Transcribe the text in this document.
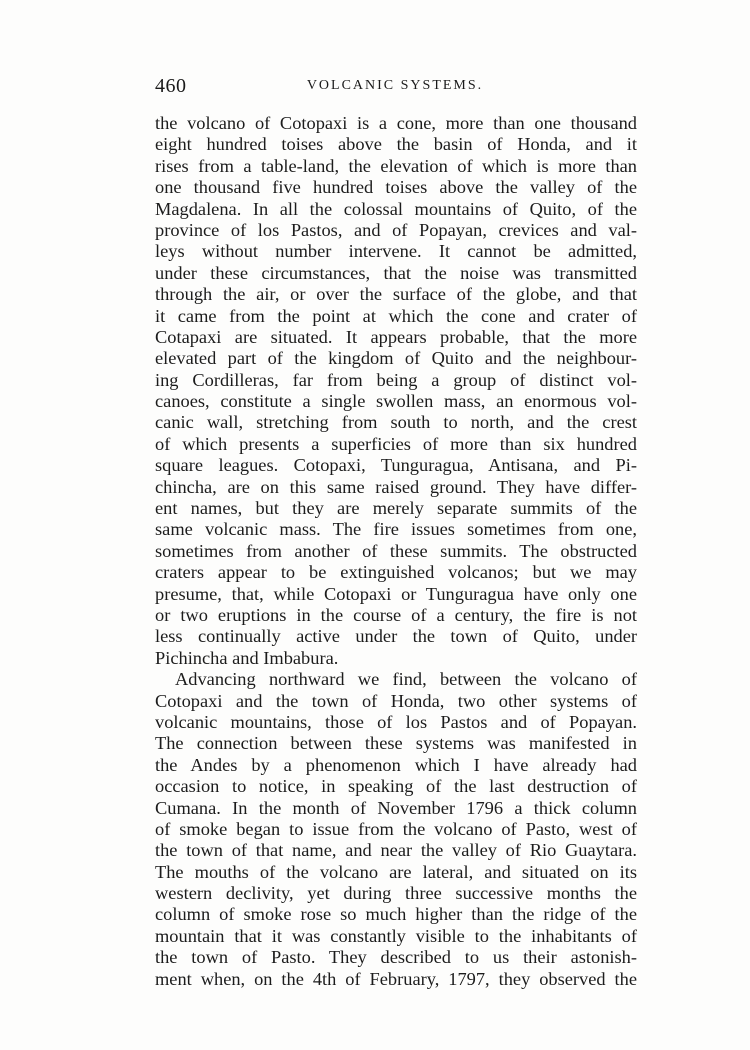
460	VOLCANIC SYSTEMS.
the volcano of Cotopaxi is a cone, more than one thousand
eight hundred toises above the basin of Honda, and it
rises from a table-land, the elevation of which is more than
one thousand five hundred toises above the valley of the
Magdalena. In all the colossal mountains of Quito, of the
province of los Pastos, and of Popayan, crevices and val-
leys without number intervene. It cannot be admitted,
under these circumstances, that the noise was transmitted
through the air, or over the surface of the globe, and that
it came from the point at which the cone and crater of
Cotapaxi are situated. It appears probable, that the more
elevated part of the kingdom of Quito and the neighbour-
ing Cordilleras, far from being a group of distinct vol-
canoes, constitute a single swollen mass, an enormous vol-
canic wall, stretching from south to north, and the crest
of which presents a superficies of more than six hundred
square leagues. Cotopaxi, Tunguragua, Antisana, and Pi-
chincha, are on this same raised ground. They have differ-
ent names, but they are merely separate summits of the
same volcanic mass. The fire issues sometimes from one,
sometimes from another of these summits. The obstructed
craters appear to be extinguished volcanos; but we may
presume, that, while Cotopaxi or Tunguragua have only one
or two eruptions in the course of a century, the fire is not
less continually active under the town of Quito, under
Pichincha and Imbabura.
Advancing northward we find, between the volcano of
Cotopaxi and the town of Honda, two other systems of
volcanic mountains, those of los Pastos and of Popayan.
The connection between these systems was manifested in
the Andes by a phenomenon which I have already had
occasion to notice, in speaking of the last destruction of
Cumana. In the month of November 1796 a thick column
of smoke began to issue from the volcano of Pasto, west of
the town of that name, and near the valley of Rio Guaytara.
The mouths of the volcano are lateral, and situated on its
western declivity, yet during three successive months the
column of smoke rose so much higher than the ridge of the
mountain that it was constantly visible to the inhabitants of
the town of Pasto. They described to us their astonish-
ment when, on the 4th of February, 1797, they observed the
